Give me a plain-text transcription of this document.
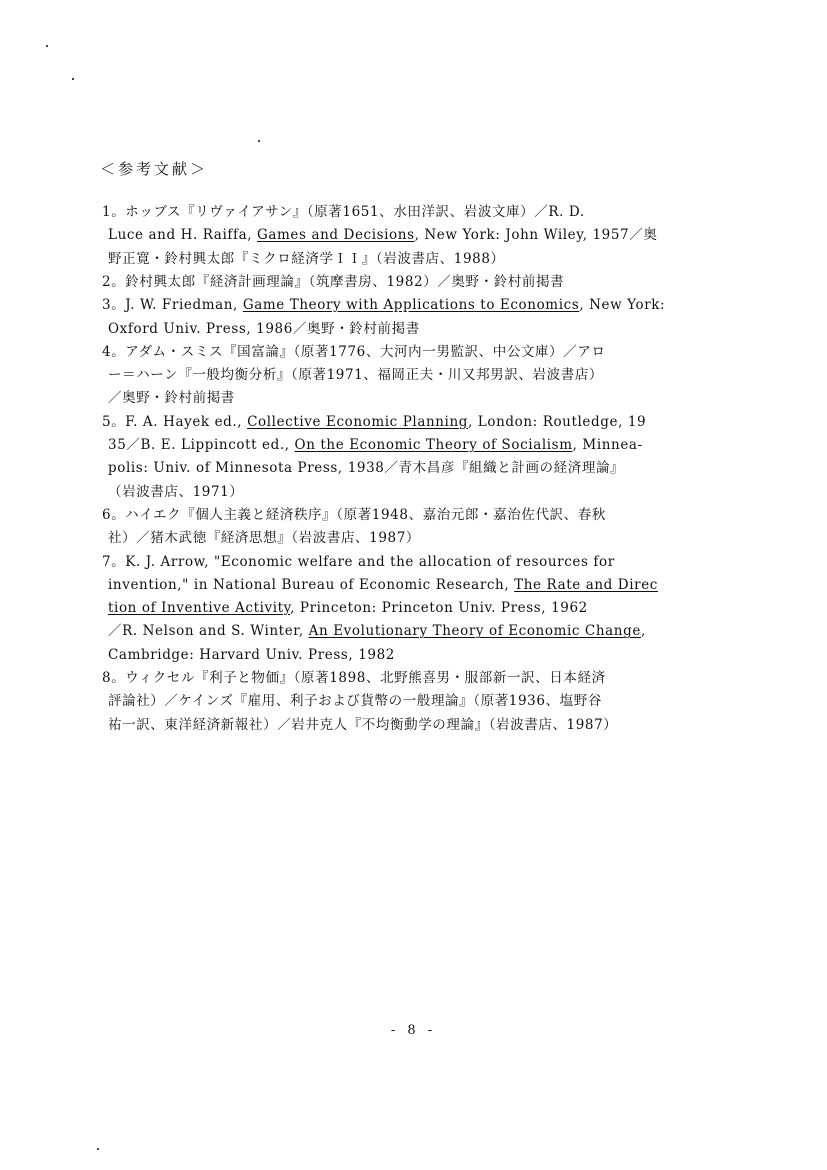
＜参考文献＞
1。ホッブス『リヴァイアサン』（原著1651、水田洋訳、岩波文庫）／R. D.
Luce and H. Raiffa, Games and Decisions, New York: John Wiley, 1957／奥
野正寛・鈴村興太郎『ミクロ経済学ＩＩ』（岩波書店、1988）
2。鈴村興太郎『経済計画理論』（筑摩書房、1982）／奥野・鈴村前掲書
3。J. W. Friedman, Game Theory with Applications to Economics, New York:
Oxford Univ. Press, 1986／奥野・鈴村前掲書
4。アダム・スミス『国富論』（原著1776、大河内一男監訳、中公文庫）／アロ
ー＝ハーン『一般均衡分析』（原著1971、福岡正夫・川又邦男訳、岩波書店）
／奥野・鈴村前掲書
5。F. A. Hayek ed., Collective Economic Planning, London: Routledge, 19
35／B. E. Lippincott ed., On the Economic Theory of Socialism, Minnea-
polis: Univ. of Minnesota Press, 1938／青木昌彦『組織と計画の経済理論』
（岩波書店、1971）
6。ハイエク『個人主義と経済秩序』（原著1948、嘉治元郎・嘉治佐代訳、春秋
社）／猪木武徳『経済思想』（岩波書店、1987）
7。K. J. Arrow, "Economic welfare and the allocation of resources for
invention," in National Bureau of Economic Research, The Rate and Direc
tion of Inventive Activity, Princeton: Princeton Univ. Press, 1962
／R. Nelson and S. Winter, An Evolutionary Theory of Economic Change,
Cambridge: Harvard Univ. Press, 1982
8。ウィクセル『利子と物価』（原著1898、北野熊喜男・服部新一訳、日本経済
評論社）／ケインズ『雇用、利子および貨幣の一般理論』（原著1936、塩野谷
祐一訳、東洋経済新報社）／岩井克人『不均衡動学の理論』（岩波書店、1987）
- 8 -
